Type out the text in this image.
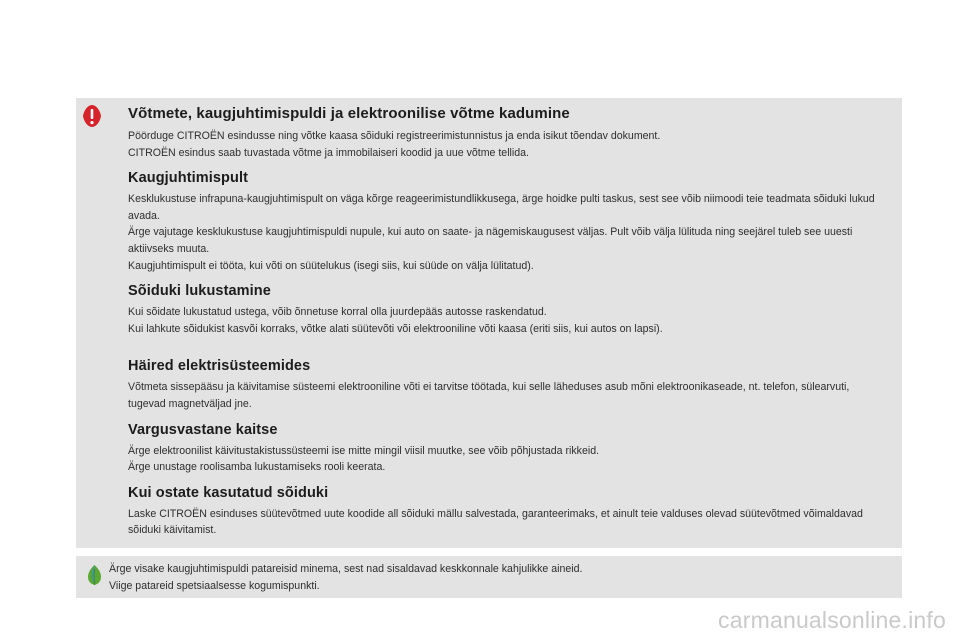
Võtmete, kaugjuhtimispuldi ja elektroonilise võtme kadumine

Pöörduge CITROËN esindusse ning võtke kaasa sõiduki registreerimistunnistus ja enda isikut tõendav dokument.

CITROËN esindus saab tuvastada võtme ja immobilaiseri koodid ja uue võtme tellida.

Kaugjuhtimispult

Kesklukustuse infrapuna-kaugjuhtimispult on väga kõrge reageerimistundlikkusega, ärge hoidke pulti taskus, sest see võib niimoodi teie teadmata sõiduki lukud avada.

Ärge vajutage kesklukustuse kaugjuhtimispuldi nupule, kui auto on saate- ja nägemiskaugusest väljas. Pult võib välja lülituda ning seejärel tuleb see uuesti aktiivseks muuta.

Kaugjuhtimispult ei tööta, kui võti on süütelukus (isegi siis, kui süüde on välja lülitatud).

Sõiduki lukustamine

Kui sõidate lukustatud ustega, võib õnnetuse korral olla juurdepääs autosse raskendatud.

Kui lahkute sõidukist kasvõi korraks, võtke alati süütevõti või elektrooniline võti kaasa (eriti siis, kui autos on lapsi).

Häired elektrisüsteemides

Võtmeta sissepääsu ja käivitamise süsteemi elektrooniline võti ei tarvitse töötada, kui selle läheduses asub mõni elektroonikaseade, nt. telefon, sülearvuti, tugevad magnetväljad jne.

Vargusvastane kaitse

Ärge elektroonilist käivitustakistussüsteemi ise mitte mingil viisil muutke, see võib põhjustada rikkeid.

Ärge unustage roolisamba lukustamiseks rooli keerata.

Kui ostate kasutatud sõiduki

Laske CITROËN esinduses süütevõtmed uute koodide all sõiduki mällu salvestada, garanteerimaks, et ainult teie valduses olevad süütevõtmed võimaldavad sõiduki käivitamist.

Ärge visake kaugjuhtimispuldi patareisid minema, sest nad sisaldavad keskkonnale kahjulikke aineid.

Viige patareid spetsiaalsesse kogumispunkti.

carmanualsonline.info
